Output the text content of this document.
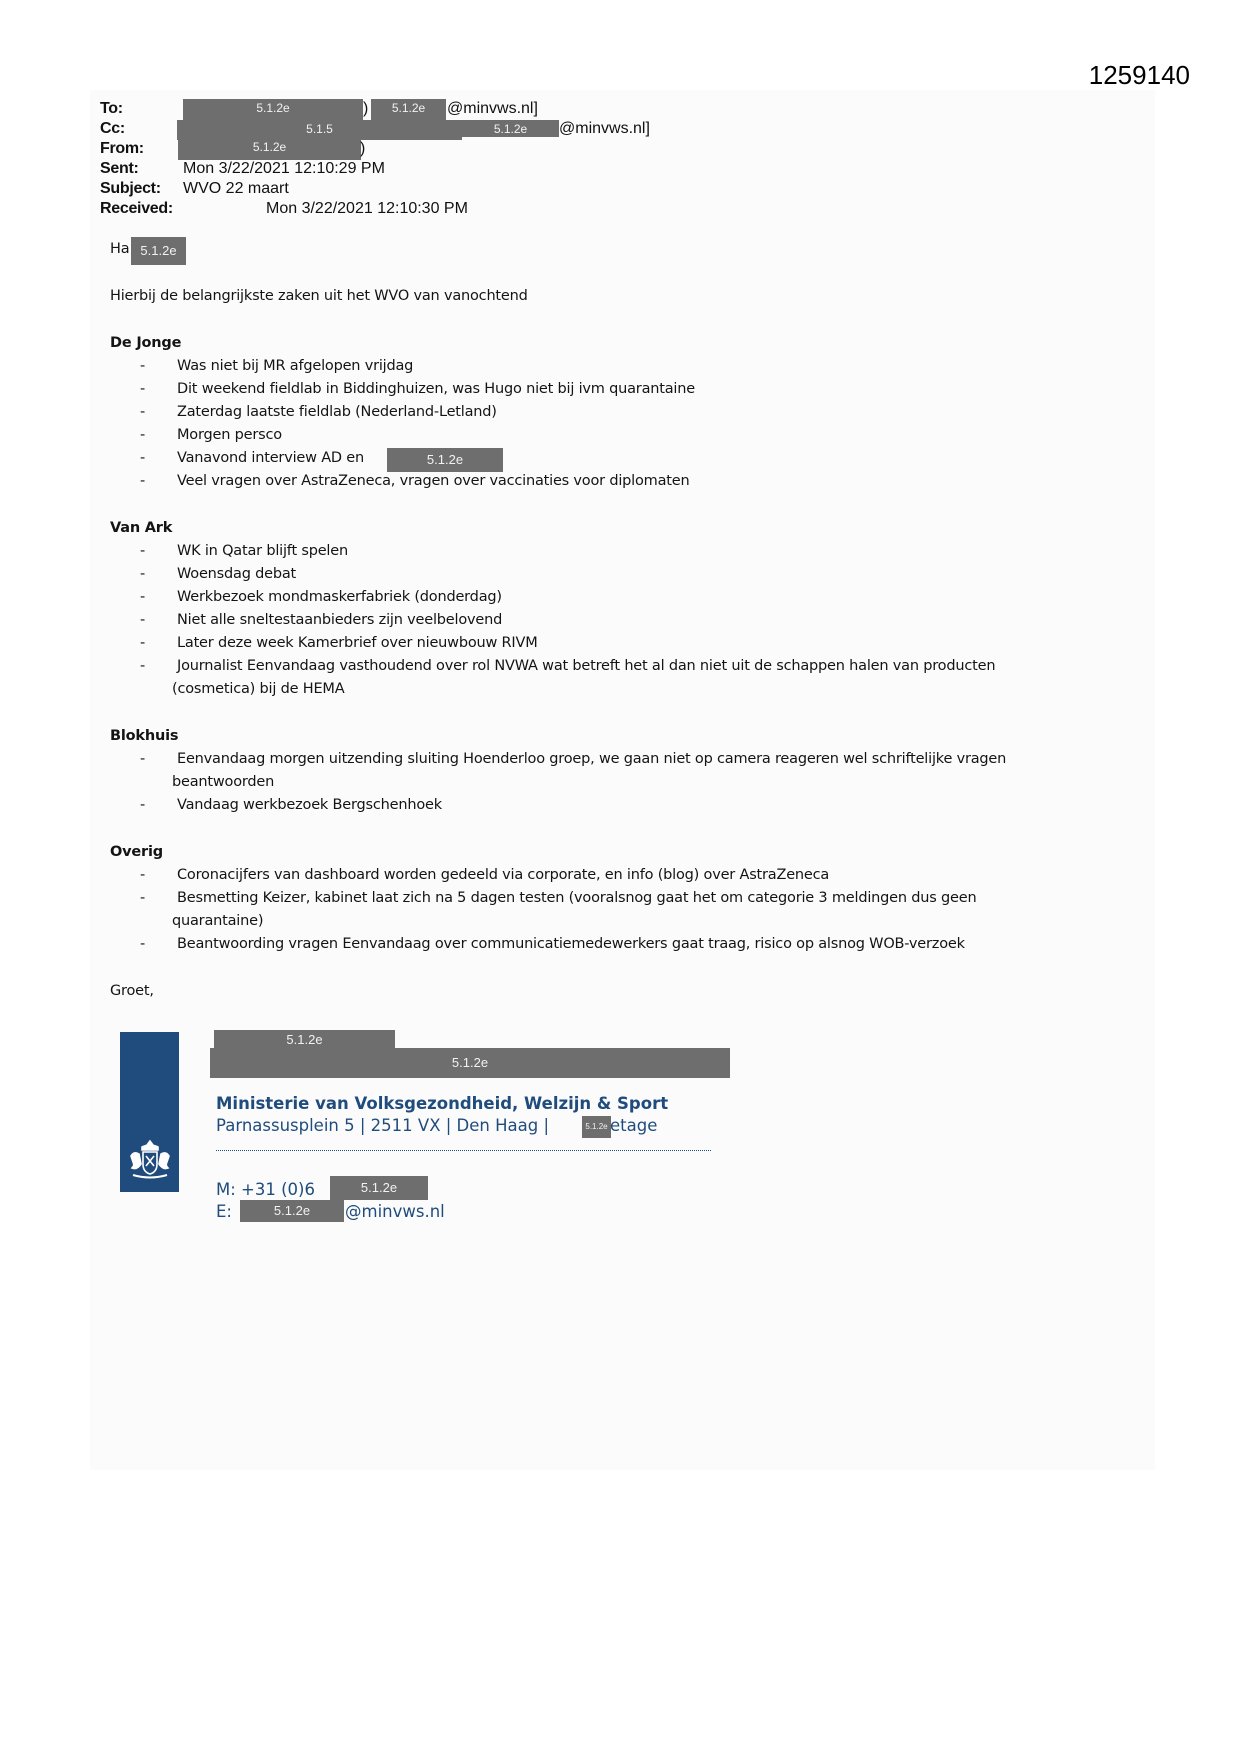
1259140
To:	5.1.2e	)	5.1.2e	@minvws.nl]
Cc:	5.1.5	5.1.2e	@minvws.nl]
From:	5.1.2e	)
Sent:	Mon 3/22/2021 12:10:29 PM
Subject: WVO 22 maart
Received:	Mon 3/22/2021 12:10:30 PM
Ha 5.1.2e
Hierbij de belangrijkste zaken uit het WVO van vanochtend
De Jonge
- Was niet bij MR afgelopen vrijdag
- Dit weekend fieldlab in Biddinghuizen, was Hugo niet bij ivm quarantaine
- Zaterdag laatste fieldlab (Nederland-Letland)
- Morgen persco
- Vanavond interview AD en	5.1.2e
- Veel vragen over AstraZeneca, vragen over vaccinaties voor diplomaten
Van Ark
- WK in Qatar blijft spelen
- Woensdag debat
- Werkbezoek mondmaskerfabriek (donderdag)
- Niet alle sneltestaanbieders zijn veelbelovend
- Later deze week Kamerbrief over nieuwbouw RIVM
- Journalist Eenvandaag vasthoudend over rol NVWA wat betreft het al dan niet uit de schappen halen van producten
(cosmetica) bij de HEMA
Blokhuis
- Eenvandaag morgen uitzending sluiting Hoenderloo groep, we gaan niet op camera reageren wel schriftelijke vragen
beantwoorden
- Vandaag werkbezoek Bergschenhoek
Overig
- Coronacijfers van dashboard worden gedeeld via corporate, en info (blog) over AstraZeneca
- Besmetting Keizer, kabinet laat zich na 5 dagen testen (vooralsnog gaat het om categorie 3 meldingen dus geen
quarantaine)
- Beantwoording vragen Eenvandaag over communicatiemedewerkers gaat traag, risico op alsnog WOB-verzoek
Groet,
5.1.2e
5.1.2e
Ministerie van Volksgezondheid, Welzijn & Sport
Parnassusplein 5 | 2511 VX | Den Haag |	5.1.2e etage
M: +31 (0)6	5.1.2e
E:	5.1.2e	@minvws.nl
